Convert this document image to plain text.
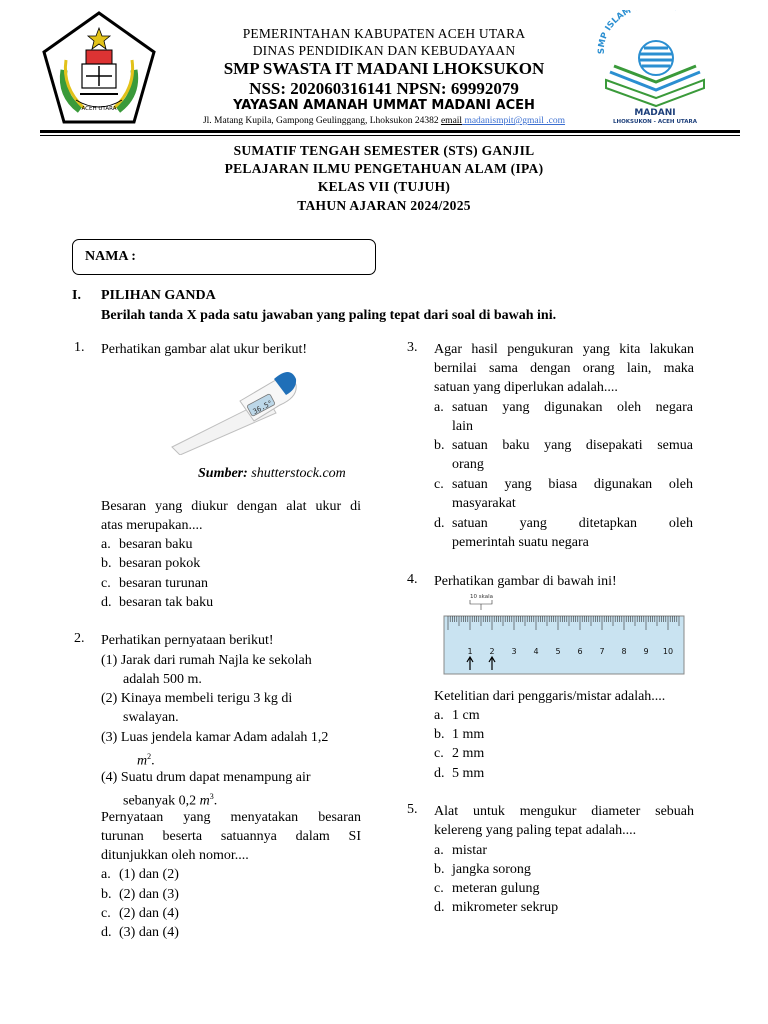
ACEH UTARA
SMP ISLAM
MADANI
LHOKSUKON - ACEH UTARA
PEMERINTAHAN KABUPATEN ACEH UTARA
DINAS PENDIDIKAN DAN KEBUDAYAAN
SMP SWASTA IT MADANI LHOKSUKON
NSS: 202060316141 NPSN: 69992079
YAYASAN AMANAH UMMAT MADANI ACEH
Jl. Matang Kupila, Gampong Geulinggang, Lhoksukon 24382 email madanismpit@gmail .com
SUMATIF TENGAH SEMESTER (STS) GANJIL
PELAJARAN ILMU PENGETAHUAN ALAM (IPA)
KELAS VII (TUJUH)
TAHUN AJARAN 2024/2025
NAMA :
I. PILIHAN GANDA
Berilah tanda X pada satu jawaban yang paling tepat dari soal di bawah ini.
1. Perhatikan gambar alat ukur berikut!
36.5°
Sumber: shutterstock.com
Besaran yang diukur dengan alat ukur di
atas merupakan....
a. besaran baku
b. besaran pokok
c. besaran turunan
d. besaran tak baku
2. Perhatikan pernyataan berikut!
(1) Jarak dari rumah Najla ke sekolah
adalah 500 m.
(2) Kinaya membeli terigu 3 kg di
swalayan.
(3) Luas jendela kamar Adam adalah 1,2
$m^2$.
(4) Suatu drum dapat menampung air
sebanyak 0,2 $m^3$.
Pernyataan yang menyatakan besaran
turunan beserta satuannya dalam SI
ditunjukkan oleh nomor....
a. (1) dan (2)
b. (2) dan (3)
c. (2) dan (4)
d. (3) dan (4)
3. Agar hasil pengukuran yang kita lakukan
bernilai sama dengan orang lain, maka
satuan yang diperlukan adalah....
a. satuan yang digunakan oleh negara
lain
b. satuan baku yang disepakati semua
orang
c. satuan yang biasa digunakan oleh
masyarakat
d. satuan yang ditetapkan oleh
pemerintah suatu negara
4. Perhatikan gambar di bawah ini!
10 skala
1 2 3 4 5 6 7 8 9 10
Ketelitian dari penggaris/mistar adalah....
a. 1 cm
b. 1 mm
c. 2 mm
d. 5 mm
5. Alat untuk mengukur diameter sebuah
kelereng yang paling tepat adalah....
a. mistar
b. jangka sorong
c. meteran gulung
d. mikrometer sekrup
